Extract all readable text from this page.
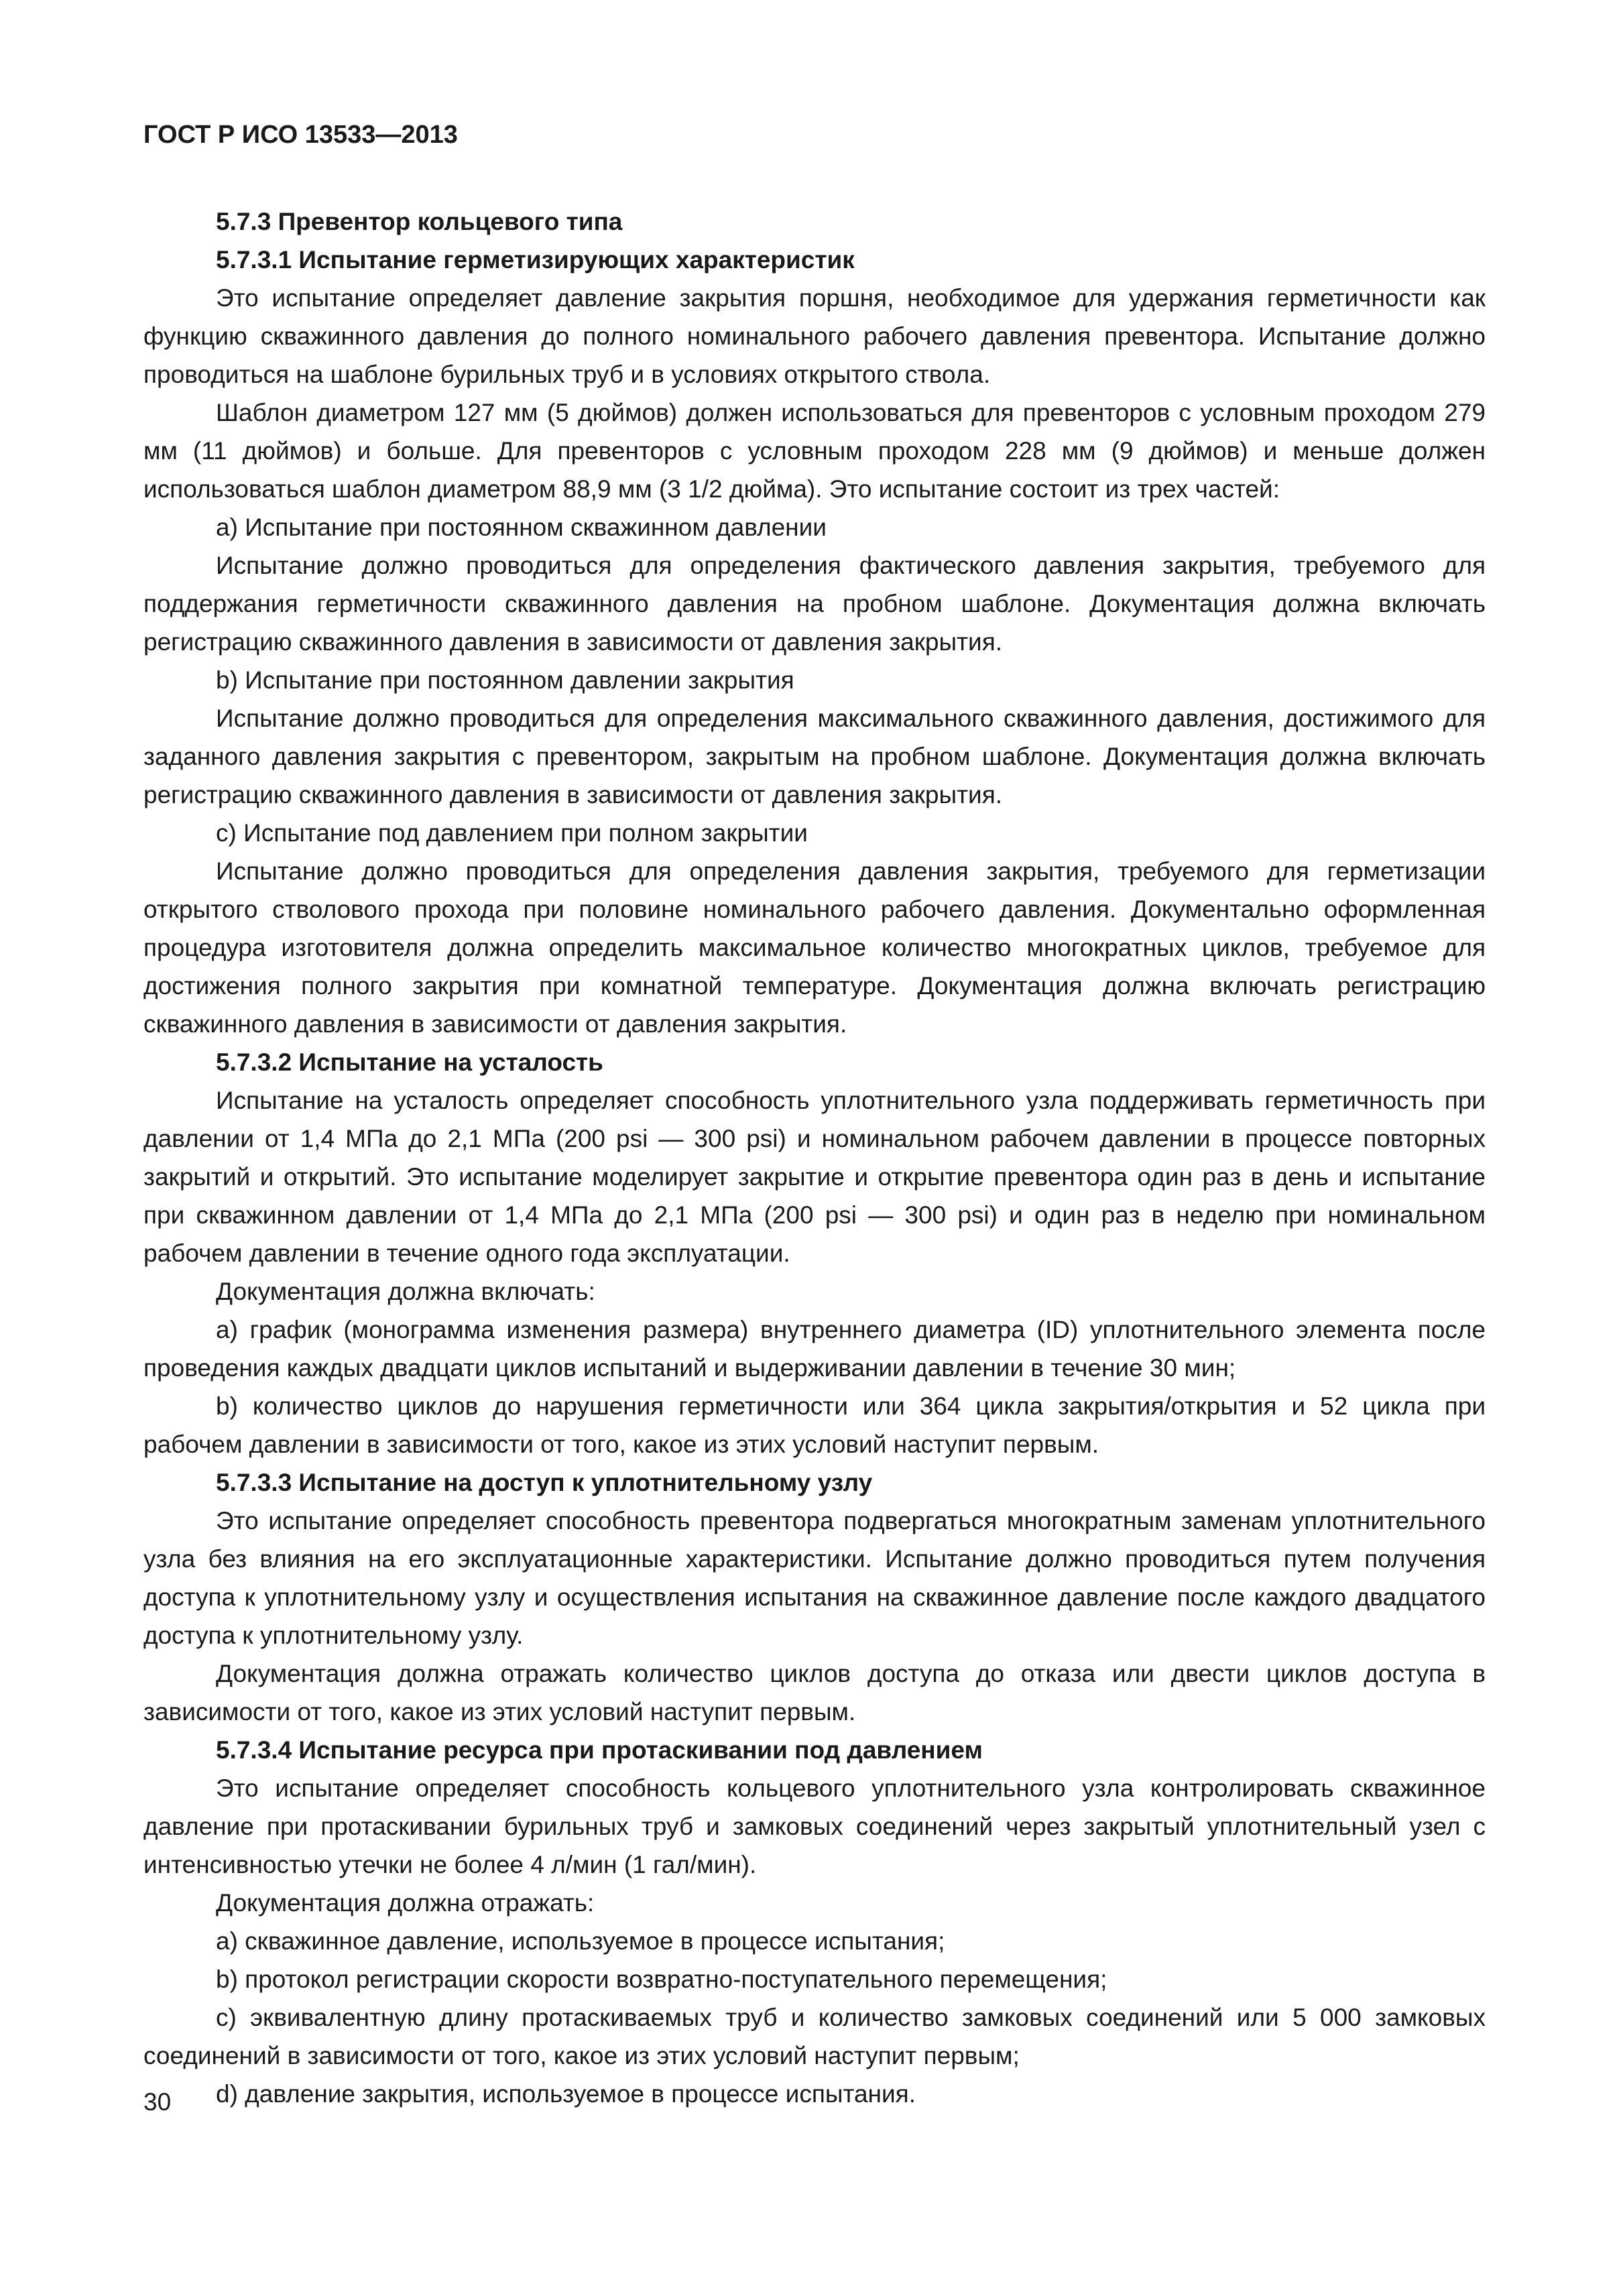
ГОСТ Р ИСО 13533—2013

5.7.3 Превентор кольцевого типа

5.7.3.1 Испытание герметизирующих характеристик

Это испытание определяет давление закрытия поршня, необходимое для удержания герметичности как функцию скважинного давления до полного номинального рабочего давления превентора. Испытание должно проводиться на шаблоне бурильных труб и в условиях открытого ствола.

Шаблон диаметром 127 мм (5 дюймов) должен использоваться для превенторов с условным проходом 279 мм (11 дюймов) и больше. Для превенторов с условным проходом 228 мм (9 дюймов) и меньше должен использоваться шаблон диаметром 88,9 мм (3 1/2 дюйма). Это испытание состоит из трех частей:

а) Испытание при постоянном скважинном давлении

Испытание должно проводиться для определения фактического давления закрытия, требуемого для поддержания герметичности скважинного давления на пробном шаблоне. Документация должна включать регистрацию скважинного давления в зависимости от давления закрытия.

b) Испытание при постоянном давлении закрытия

Испытание должно проводиться для определения максимального скважинного давления, достижимого для заданного давления закрытия с превентором, закрытым на пробном шаблоне. Документация должна включать регистрацию скважинного давления в зависимости от давления закрытия.

с) Испытание под давлением при полном закрытии

Испытание должно проводиться для определения давления закрытия, требуемого для герметизации открытого стволового прохода при половине номинального рабочего давления. Документально оформленная процедура изготовителя должна определить максимальное количество многократных циклов, требуемое для достижения полного закрытия при комнатной температуре. Документация должна включать регистрацию скважинного давления в зависимости от давления закрытия.

5.7.3.2 Испытание на усталость

Испытание на усталость определяет способность уплотнительного узла поддерживать герметичность при давлении от 1,4 МПа до 2,1 МПа (200 psi — 300 psi) и номинальном рабочем давлении в процессе повторных закрытий и открытий. Это испытание моделирует закрытие и открытие превентора один раз в день и испытание при скважинном давлении от 1,4 МПа до 2,1 МПа (200 psi — 300 psi) и один раз в неделю при номинальном рабочем давлении в течение одного года эксплуатации.

Документация должна включать:

а) график (монограмма изменения размера) внутреннего диаметра (ID) уплотнительного элемента после проведения каждых двадцати циклов испытаний и выдерживании давлении в течение 30 мин;

b) количество циклов до нарушения герметичности или 364 цикла закрытия/открытия и 52 цикла при рабочем давлении в зависимости от того, какое из этих условий наступит первым.

5.7.3.3 Испытание на доступ к уплотнительному узлу

Это испытание определяет способность превентора подвергаться многократным заменам уплотнительного узла без влияния на его эксплуатационные характеристики. Испытание должно проводиться путем получения доступа к уплотнительному узлу и осуществления испытания на скважинное давление после каждого двадцатого доступа к уплотнительному узлу.

Документация должна отражать количество циклов доступа до отказа или двести циклов доступа в зависимости от того, какое из этих условий наступит первым.

5.7.3.4 Испытание ресурса при протаскивании под давлением

Это испытание определяет способность кольцевого уплотнительного узла контролировать скважинное давление при протаскивании бурильных труб и замковых соединений через закрытый уплотнительный узел с интенсивностью утечки не более 4 л/мин (1 гал/мин).

Документация должна отражать:

а) скважинное давление, используемое в процессе испытания;

b) протокол регистрации скорости возвратно-поступательного перемещения;

с) эквивалентную длину протаскиваемых труб и количество замковых соединений или 5 000 замковых соединений в зависимости от того, какое из этих условий наступит первым;

d) давление закрытия, используемое в процессе испытания.

30
